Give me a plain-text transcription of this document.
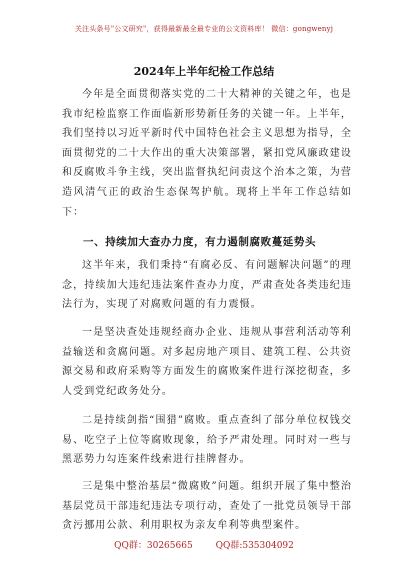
关注头条号"公文研究"，获得最新最全最专业的公文资料库！ 微信：gongwenyj
2024年上半年纪检工作总结

今年是全面贯彻落实党的二十大精神的关键之年，也是我市纪检监察工作面临新形势新任务的关键一年。上半年，我们坚持以习近平新时代中国特色社会主义思想为指导，全面贯彻党的二十大作出的重大决策部署，紧扣党风廉政建设和反腐败斗争主线，突出监督执纪问责这个治本之策，为营造风清气正的政治生态保驾护航。现将上半年工作总结如下：

一、持续加大查办力度，有力遏制腐败蔓延势头

这半年来，我们秉持“有腐必反、有问题解决问题”的理念，持续加大违纪违法案件查办力度，严肃查处各类违纪违法行为，实现了对腐败问题的有力震慑。

一是坚决查处违规经商办企业、违规从事营利活动等利益输送和贪腐问题。对多起房地产项目、建筑工程、公共资源交易和政府采购等方面发生的腐败案件进行深挖彻查，多人受到党纪政务处分。

二是持续剑指“围猎”腐败。重点查纠了部分单位权钱交易、吃空子上位等腐败现象，给予严肃处理。同时对一些与黑恶势力勾连案件线索进行挂牌督办。

三是集中整治基层“微腐败”问题。组织开展了集中整治基层党员干部违纪违法专项行动，查处了一批党员领导干部贪污挪用公款、利用职权为亲友牟利等典型案件。

QQ群：30265665	QQ群:535304092
